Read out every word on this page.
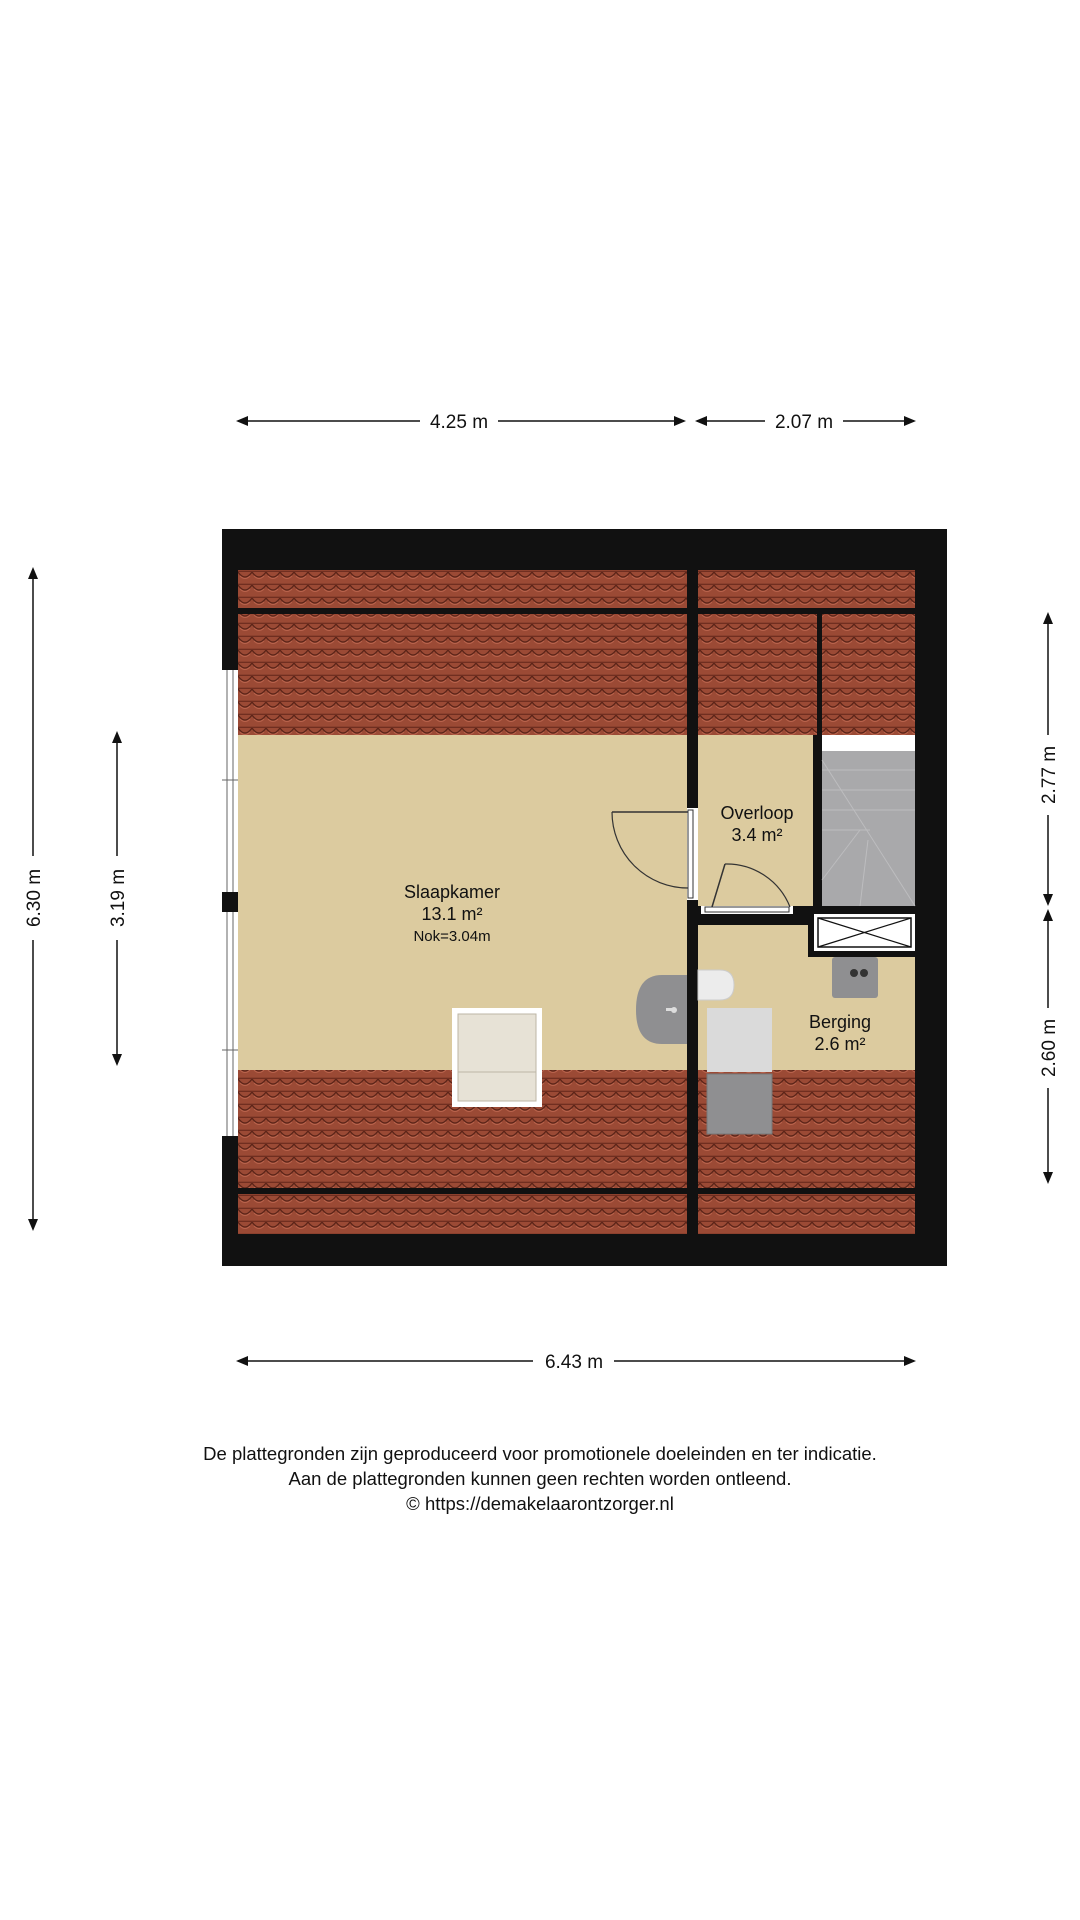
4.25 m	2.07 m
6.30 m	3.19 m
2.77 m
2.60 m
6.43 m
Slaapkamer
13.1 m²
Nok=3.04m
Overloop
3.4 m²
Berging
2.6 m²
De plattegronden zijn geproduceerd voor promotionele doeleinden en ter indicatie.
Aan de plattegronden kunnen geen rechten worden ontleend.
© https://demakelaarontzorger.nl
